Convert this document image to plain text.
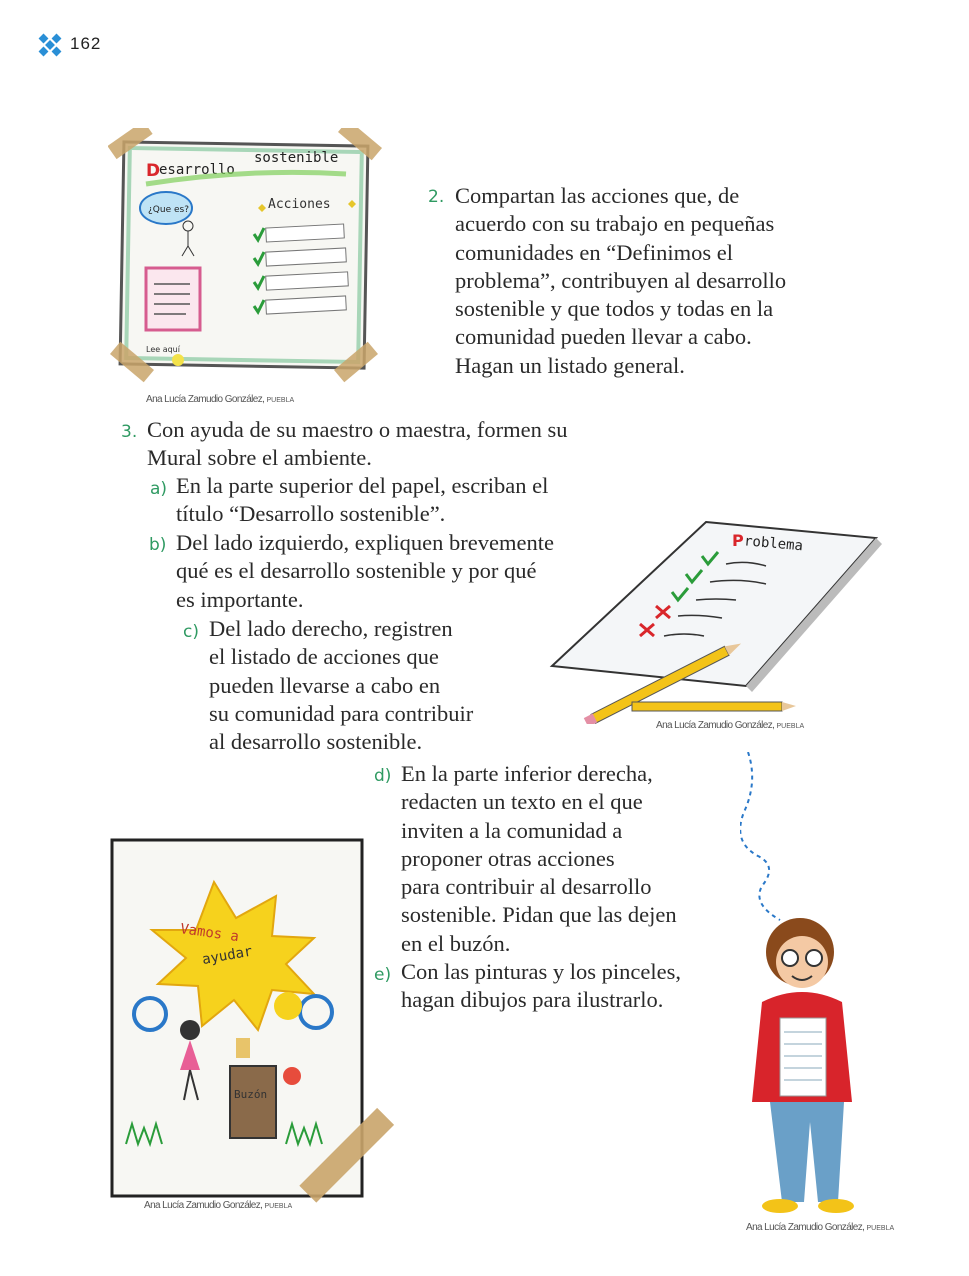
162
D
esarrollo
sostenible
¿Que es?	Acciones
Lee aquí
Ana Lucía Zamudio González, PUEBLA
2. Compartan las acciones que, de
acuerdo con su trabajo en pequeñas
comunidades en “Definimos el
problema”, contribuyen al desarrollo
sostenible y que todos y todas en la
comunidad pueden llevar a cabo.
Hagan un listado general.
3. Con ayuda de su maestro o maestra, formen su
Mural sobre el ambiente.
a) En la parte superior del papel, escriban el
título “Desarrollo sostenible”.
b) Del lado izquierdo, expliquen brevemente
qué es el desarrollo sostenible y por qué
es importante.
c) Del lado derecho, registren
el listado de acciones que
pueden llevarse a cabo en
su comunidad para contribuir
al desarrollo sostenible.
P roblema
Ana Lucía Zamudio González, PUEBLA
d) En la parte inferior derecha,
redacten un texto en el que
inviten a la comunidad a
proponer otras acciones
para contribuir al desarrollo
sostenible. Pidan que las dejen
en el buzón.
e) Con las pinturas y los pinceles,
hagan dibujos para ilustrarlo.
Vamos a
ayudar
Buzón
Ana Lucía Zamudio González, PUEBLA
Ana Lucía Zamudio González, PUEBLA
